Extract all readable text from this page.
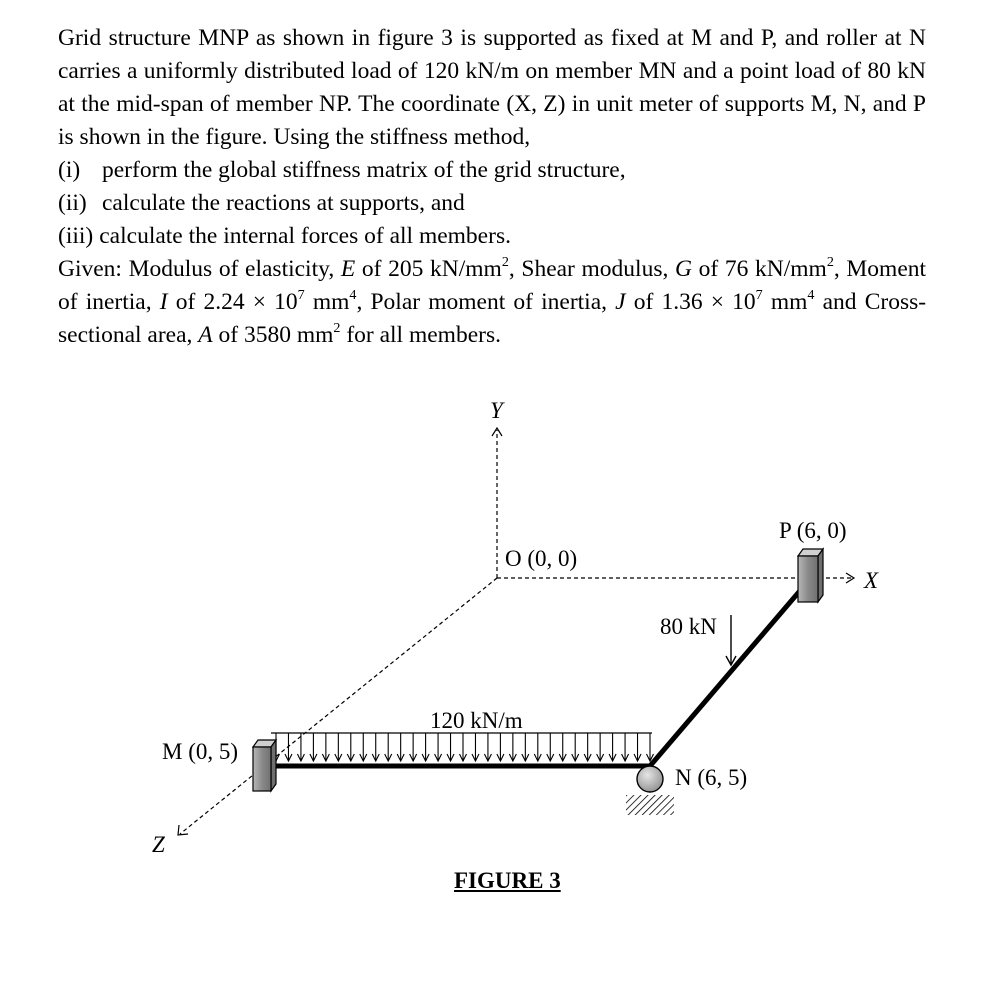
Grid structure MNP as shown in figure 3 is supported as fixed at M and P, and roller at N carries a uniformly distributed load of 120 kN/m on member MN and a point load of 80 kN at the mid-span of member NP. The coordinate (X, Z) in unit meter of supports M, N, and P is shown in the figure. Using the stiffness method,

(i) perform the global stiffness matrix of the grid structure,
(ii) calculate the reactions at supports, and
(iii) calculate the internal forces of all members.

Given: Modulus of elasticity, E of 205 $kN/mm^2$, Shear modulus, G of 76 $kN/mm^2$, Moment of inertia, I of $2.24 \times 10^7$ $mm^4$, Polar moment of inertia, J of $1.36 \times 10^7$ $mm^4$ and Cross-sectional area, A of 3580 $mm^2$ for all members.

Y
X
Z
O (0, 0)
P (6, 0)
M (0, 5)
N (6, 5)
120 kN/m
80 kN
FIGURE 3
